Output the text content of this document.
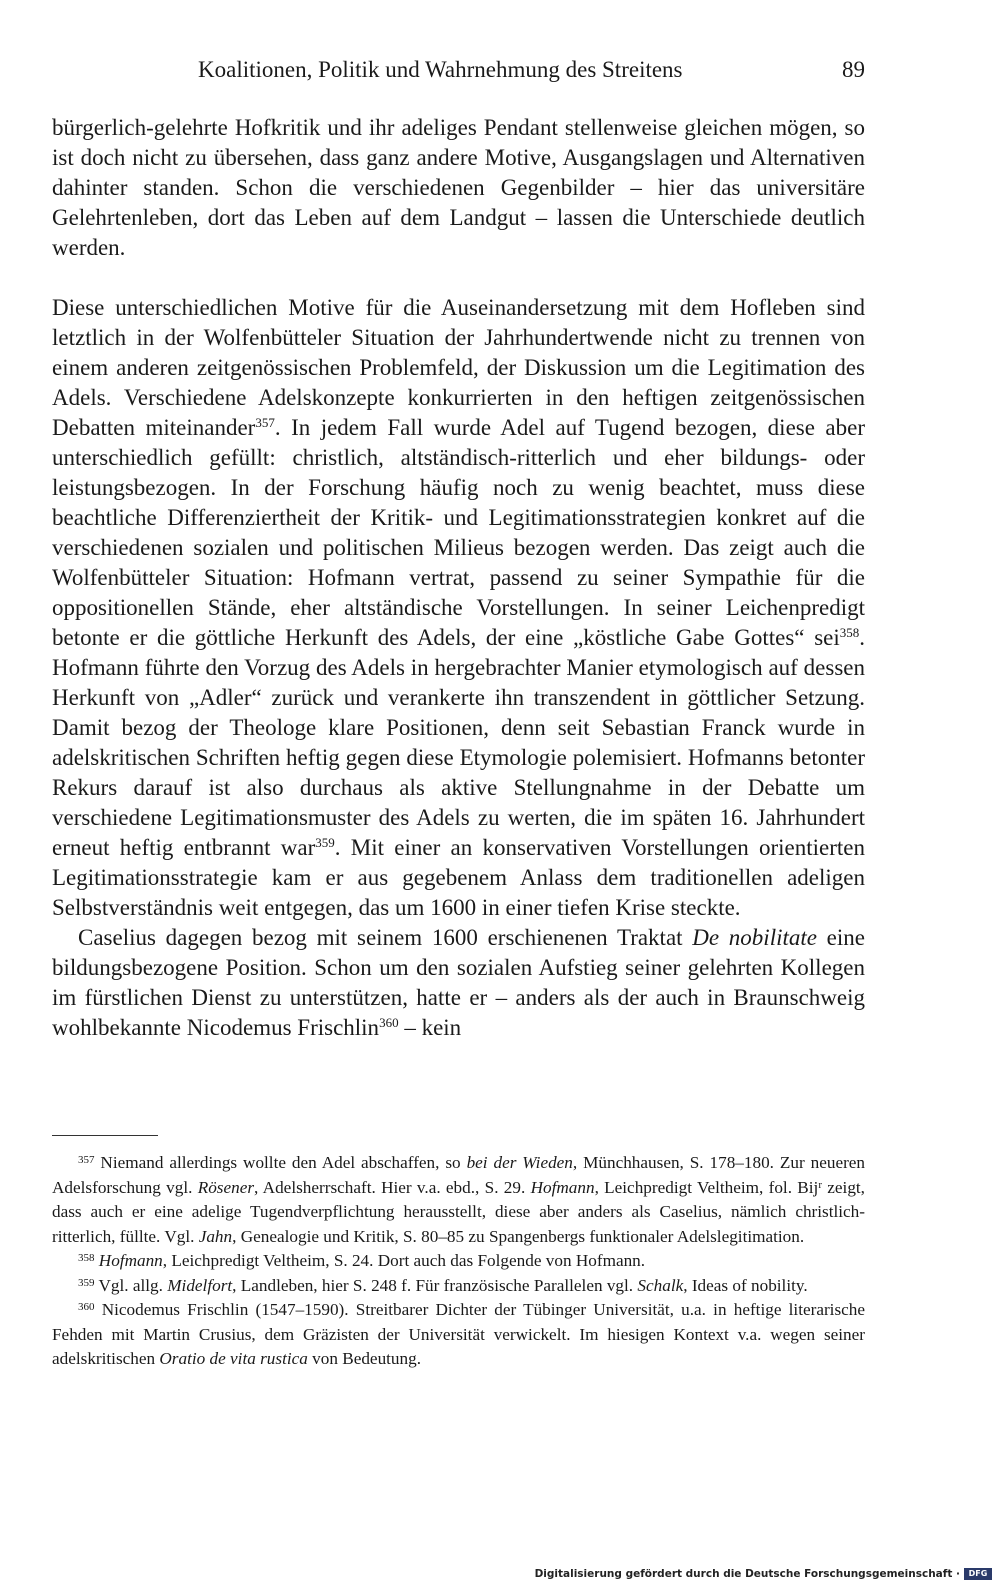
Koalitionen, Politik und Wahrnehmung des Streitens	89

bürgerlich-gelehrte Hofkritik und ihr adeliges Pendant stellenweise gleichen mögen, so ist doch nicht zu übersehen, dass ganz andere Motive, Ausgangslagen und Alternativen dahinter standen. Schon die verschiedenen Gegenbilder – hier das universitäre Gelehrtenleben, dort das Leben auf dem Landgut – lassen die Unterschiede deutlich werden.

Diese unterschiedlichen Motive für die Auseinandersetzung mit dem Hofleben sind letztlich in der Wolfenbütteler Situation der Jahrhundertwende nicht zu trennen von einem anderen zeitgenössischen Problemfeld, der Diskussion um die Legitimation des Adels. Verschiedene Adelskonzepte konkurrierten in den heftigen zeitgenössischen Debatten miteinander$^{357}$. In jedem Fall wurde Adel auf Tugend bezogen, diese aber unterschiedlich gefüllt: christlich, altständisch-ritterlich und eher bildungs- oder leistungsbezogen. In der Forschung häufig noch zu wenig beachtet, muss diese beachtliche Differenziertheit der Kritik- und Legitimationsstrategien konkret auf die verschiedenen sozialen und politischen Milieus bezogen werden. Das zeigt auch die Wolfenbütteler Situation: Hofmann vertrat, passend zu seiner Sympathie für die oppositionellen Stände, eher altständische Vorstellungen. In seiner Leichenpredigt betonte er die göttliche Herkunft des Adels, der eine „köstliche Gabe Gottes“ sei$^{358}$. Hofmann führte den Vorzug des Adels in hergebrachter Manier etymologisch auf dessen Herkunft von „Adler“ zurück und verankerte ihn transzendent in göttlicher Setzung. Damit bezog der Theologe klare Positionen, denn seit Sebastian Franck wurde in adelskritischen Schriften heftig gegen diese Etymologie polemisiert. Hofmanns betonter Rekurs darauf ist also durchaus als aktive Stellungnahme in der Debatte um verschiedene Legitimationsmuster des Adels zu werten, die im späten 16. Jahrhundert erneut heftig entbrannt war$^{359}$. Mit einer an konservativen Vorstellungen orientierten Legitimationsstrategie kam er aus gegebenem Anlass dem traditionellen adeligen Selbstverständnis weit entgegen, das um 1600 in einer tiefen Krise steckte.

Caselius dagegen bezog mit seinem 1600 erschienenen Traktat De nobilitate eine bildungsbezogene Position. Schon um den sozialen Aufstieg seiner gelehrten Kollegen im fürstlichen Dienst zu unterstützen, hatte er – anders als der auch in Braunschweig wohlbekannte Nicodemus Frischlin$^{360}$ – kein

$^{357}$ Niemand allerdings wollte den Adel abschaffen, so bei der Wieden, Münchhausen, S. 178–180. Zur neueren Adelsforschung vgl. Rösener, Adelsherrschaft. Hier v.a. ebd., S. 29. Hofmann, Leichpredigt Veltheim, fol. Bij$^r$ zeigt, dass auch er eine adelige Tugendverpflichtung herausstellt, diese aber anders als Caselius, nämlich christlich-ritterlich, füllte. Vgl. Jahn, Genealogie und Kritik, S. 80–85 zu Spangenbergs funktionaler Adelslegitimation.

$^{358}$ Hofmann, Leichpredigt Veltheim, S. 24. Dort auch das Folgende von Hofmann.

$^{359}$ Vgl. allg. Midelfort, Landleben, hier S. 248 f. Für französische Parallelen vgl. Schalk, Ideas of nobility.

$^{360}$ Nicodemus Frischlin (1547–1590). Streitbarer Dichter der Tübinger Universität, u.a. in heftige literarische Fehden mit Martin Crusius, dem Gräzisten der Universität verwickelt. Im hiesigen Kontext v.a. wegen seiner adelskritischen Oratio de vita rustica von Bedeutung.

Digitalisierung gefördert durch die Deutsche Forschungsgemeinschaft ·	DFG
